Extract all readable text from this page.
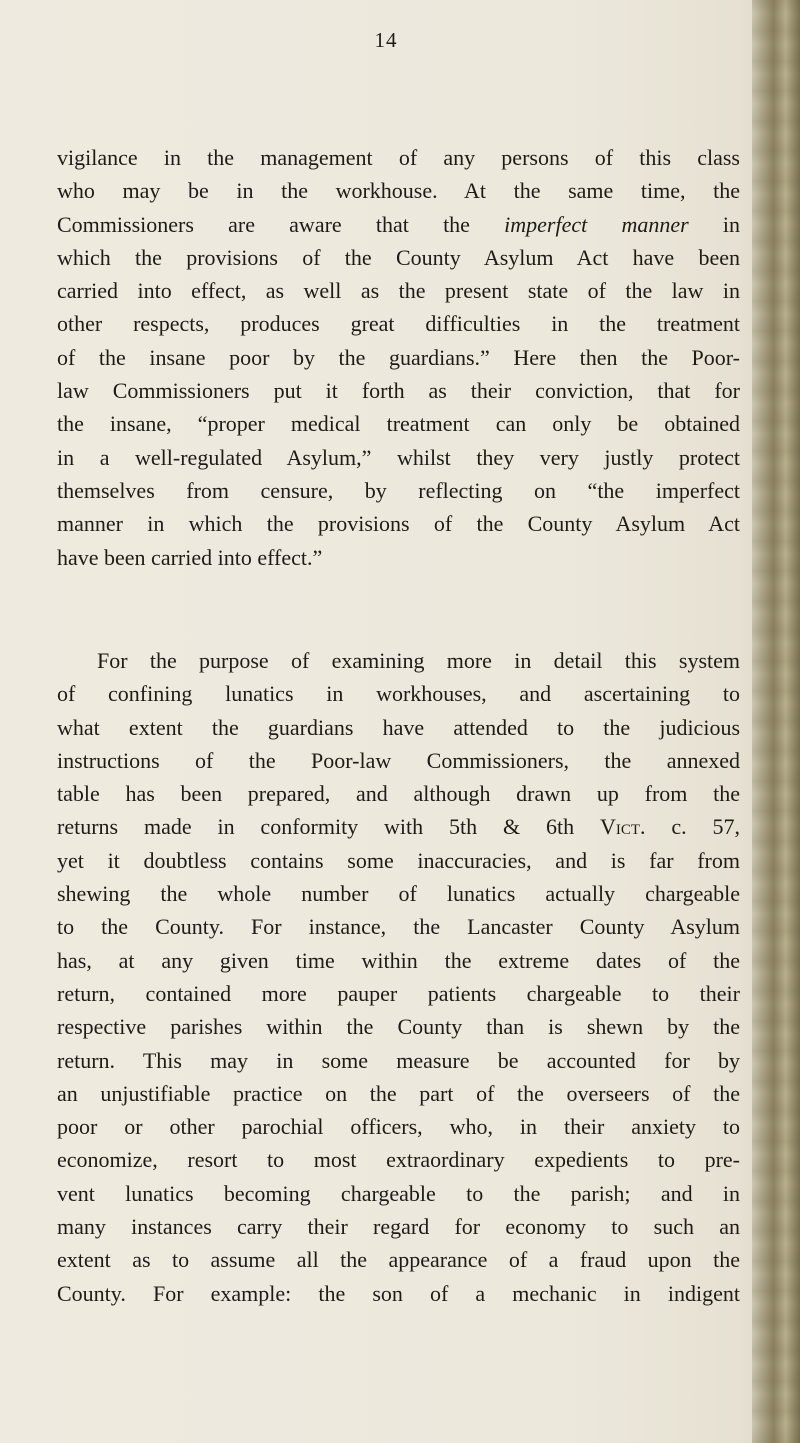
14
vigilance in the management of any persons of this class
who may be in the workhouse. At the same time, the
Commissioners are aware that the imperfect manner in
which the provisions of the County Asylum Act have been
carried into effect, as well as the present state of the law in
other respects, produces great difficulties in the treatment
of the insane poor by the guardians.” Here then the Poor-
law Commissioners put it forth as their conviction, that for
the insane, “proper medical treatment can only be obtained
in a well-regulated Asylum,” whilst they very justly protect
themselves from censure, by reflecting on “the imperfect
manner in which the provisions of the County Asylum Act
have been carried into effect.”
For the purpose of examining more in detail this system
of confining lunatics in workhouses, and ascertaining to
what extent the guardians have attended to the judicious
instructions of the Poor-law Commissioners, the annexed
table has been prepared, and although drawn up from the
returns made in conformity with 5th & 6th Vict. c. 57,
yet it doubtless contains some inaccuracies, and is far from
shewing the whole number of lunatics actually chargeable
to the County. For instance, the Lancaster County Asylum
has, at any given time within the extreme dates of the
return, contained more pauper patients chargeable to their
respective parishes within the County than is shewn by the
return. This may in some measure be accounted for by
an unjustifiable practice on the part of the overseers of the
poor or other parochial officers, who, in their anxiety to
economize, resort to most extraordinary expedients to pre-
vent lunatics becoming chargeable to the parish; and in
many instances carry their regard for economy to such an
extent as to assume all the appearance of a fraud upon the
County. For example: the son of a mechanic in indigent
